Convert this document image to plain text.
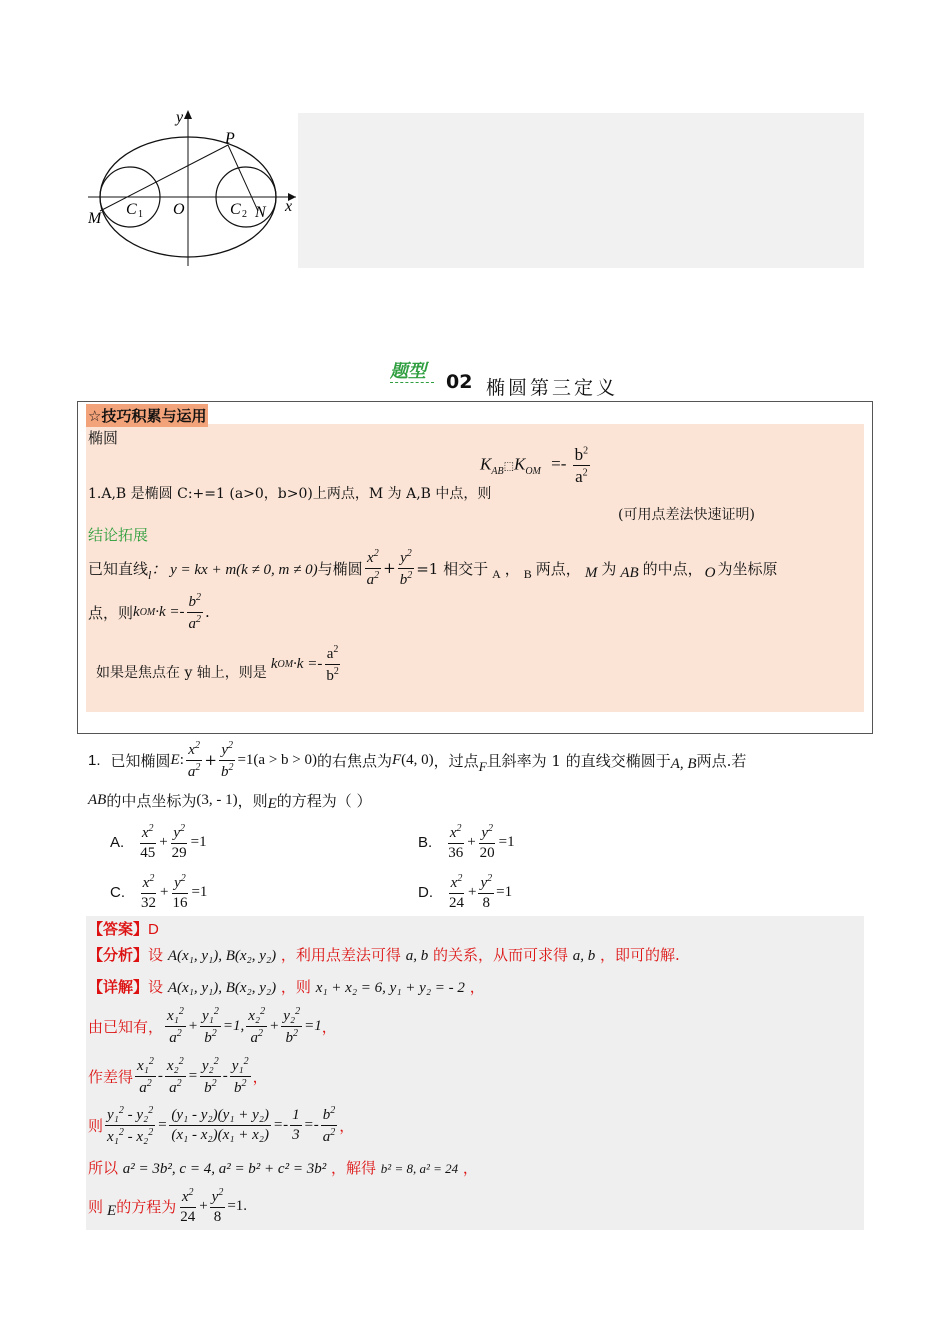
y
x
P
M	N
O
C 1	C 2
题型 02 椭圆第三定义
☆技巧积累与运用
椭圆
$K_{AB}⬚K_{OM} =- \frac{b^2}{a^2}$
1.A,B 是椭圆 C:+=1 (a>0，b>0)上两点，M 为 A,B 中点，则
(可用点差法快速证明)
结论拓展
已知直线 l ： y = kx + m(k ≠ 0, m ≠ 0) 与椭圆 $\frac{x^2}{a^2} + \frac{y^2}{b^2} =1$ 相交于 A ， B 两点， M 为 AB 的中点， O 为坐标原
点，则 k OM $\cdot k =- \frac{b^2}{a^2}$ .
如果是焦点在 y 轴上，则是
k OM $\cdot k =- \frac{a^2}{b^2}$
1. 已知椭圆 E : $\frac{x^2}{a^2} + \frac{y^2}{b^2} =1(a > b > 0)$ 的右焦点为 F (4, 0) ，过点 F 且斜率为 1 的直线交椭圆于 A, B 两点.若
AB 的中点坐标为 (3, - 1) ，则 E 的方程为（ ）
A. $\frac{x^2}{45} + \frac{y^2}{29} =1$	B. $\frac{x^2}{36} + \frac{y^2}{20} =1$
C. $\frac{x^2}{32} + \frac{y^2}{16} =1$	D. $\frac{x^2}{24} + \frac{y^2}{8} =1$
【答案】D
【分析】设 A(x₁, y₁), B(x₂, y₂) ，利用点差法可得 a, b 的关系，从而可求得 a, b ，即可的解.
【详解】设 A(x₁, y₁), B(x₂, y₂) ，则 x₁ + x₂ = 6, y₁ + y₂ = - 2 ，
由已知有， $\frac{x_1^2}{a^2} + \frac{y_1^2}{b^2} =1$, $\frac{x_2^2}{a^2} + \frac{y_2^2}{b^2} =1$ ，
作差得 $\frac{x_1^2}{a^2} - \frac{x_2^2}{a^2} = \frac{y_2^2}{b^2} - \frac{y_1^2}{b^2}$ ，
则 $\frac{y_1^2 - y_2^2}{x_1^2 - x_2^2} = \frac{\text{(y₁ - y₂)(y₁ + y₂)}}{\text{(x₁ - x₂)(x₁ + x₂)}} =- \frac{1}{3} =- \frac{b^2}{a^2}$ ，
所以 a² = 3b², c = 4, a² = b² + c² = 3b² ，解得 b² = 8, a² = 24 ，
则 E 的方程为 $\frac{x^2}{24} + \frac{y^2}{8} =1$.
